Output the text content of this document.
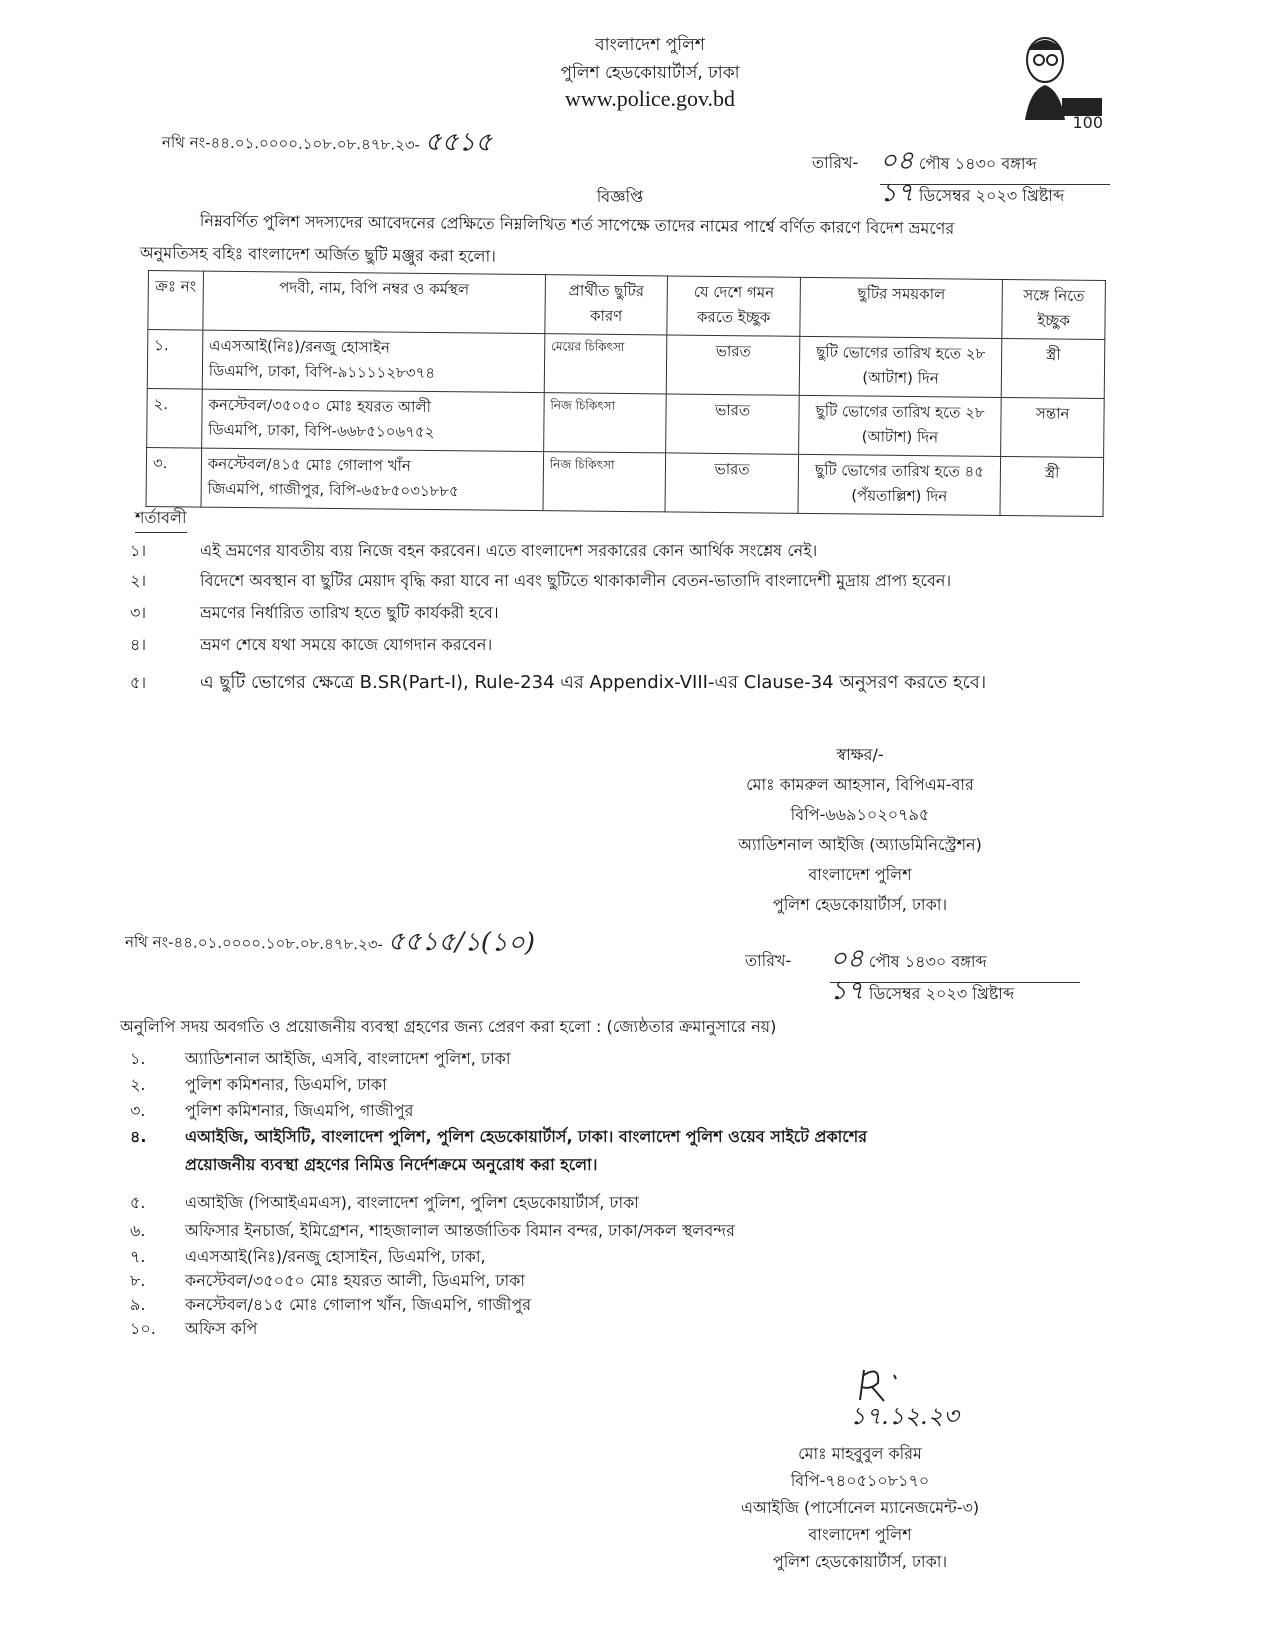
বাংলাদেশ পুলিশ
পুলিশ হেডকোয়ার্টার্স, ঢাকা
www.police.gov.bd
100
নথি নং-৪৪.০১.০০০০.১০৮.০৮.৪৭৮.২৩- ৫৫১৫
তারিখ- ০৪ পৌষ ১৪৩০ বঙ্গাব্দ
১৭ ডিসেম্বর ২০২৩ খ্রিষ্টাব্দ
বিজ্ঞপ্তি
নিম্নবর্ণিত পুলিশ সদস্যদের আবেদনের প্রেক্ষিতে নিম্নলিখিত শর্ত সাপেক্ষে তাদের নামের পার্শ্বে বর্ণিত কারণে বিদেশ ভ্রমণের
অনুমতিসহ বহিঃ বাংলাদেশ অর্জিত ছুটি মঞ্জুর করা হলো।
ক্রঃ নং	পদবী, নাম, বিপি নম্বর ও কর্মস্থল	প্রার্থীত ছুটির কারণ	যে দেশে গমন করতে ইচ্ছুক	ছুটির সময়কাল	সঙ্গে নিতে ইচ্ছুক
১.	এএসআই(নিঃ)/রনজু হোসাইন
ডিএমপি, ঢাকা, বিপি-৯১১১১২৮৩৭৪	মেয়ের চিকিৎসা	ভারত	ছুটি ভোগের তারিখ হতে ২৮ (আটাশ) দিন	স্ত্রী
২.	কনস্টেবল/৩৫০৫০ মোঃ হযরত আলী
ডিএমপি, ঢাকা, বিপি-৬৬৮৫১০৬৭৫২	নিজ চিকিৎসা	ভারত	ছুটি ভোগের তারিখ হতে ২৮ (আটাশ) দিন	সন্তান
৩.	কনস্টেবল/৪১৫ মোঃ গোলাপ খাঁন
জিএমপি, গাজীপুর, বিপি-৬৫৮৫০৩১৮৮৫	নিজ চিকিৎসা	ভারত	ছুটি ভোগের তারিখ হতে ৪৫ (পঁয়তাল্লিশ) দিন	স্ত্রী
শর্তাবলী
১।	এই ভ্রমণের যাবতীয় ব্যয় নিজে বহন করবেন। এতে বাংলাদেশ সরকারের কোন আর্থিক সংশ্লেষ নেই।
২।	বিদেশে অবস্থান বা ছুটির মেয়াদ বৃদ্ধি করা যাবে না এবং ছুটিতে থাকাকালীন বেতন-ভাতাদি বাংলাদেশী মুদ্রায় প্রাপ্য হবেন।
৩।	ভ্রমণের নির্ধারিত তারিখ হতে ছুটি কার্যকরী হবে।
৪।	ভ্রমণ শেষে যথা সময়ে কাজে যোগদান করবেন।
৫।	এ ছুটি ভোগের ক্ষেত্রে B.SR(Part-I), Rule-234 এর Appendix-VIII-এর Clause-34 অনুসরণ করতে হবে।
স্বাক্ষর/-
মোঃ কামরুল আহসান, বিপিএম-বার
বিপি-৬৬৯১০২০৭৯৫
অ্যাডিশনাল আইজি (অ্যাডমিনিস্ট্রেশন)
বাংলাদেশ পুলিশ
পুলিশ হেডকোয়ার্টার্স, ঢাকা।
নথি নং-৪৪.০১.০০০০.১০৮.০৮.৪৭৮.২৩- ৫৫১৫/১(১০)
তারিখ- ০৪ পৌষ ১৪৩০ বঙ্গাব্দ
১৭ ডিসেম্বর ২০২৩ খ্রিষ্টাব্দ
অনুলিপি সদয় অবগতি ও প্রয়োজনীয় ব্যবস্থা গ্রহণের জন্য প্রেরণ করা হলো : (জ্যেষ্ঠতার ক্রমানুসারে নয়)
১. অ্যাডিশনাল আইজি, এসবি, বাংলাদেশ পুলিশ, ঢাকা
২. পুলিশ কমিশনার, ডিএমপি, ঢাকা
৩. পুলিশ কমিশনার, জিএমপি, গাজীপুর
৪. এআইজি, আইসিটি, বাংলাদেশ পুলিশ, পুলিশ হেডকোয়ার্টার্স, ঢাকা। বাংলাদেশ পুলিশ ওয়েব সাইটে প্রকাশের
প্রয়োজনীয় ব্যবস্থা গ্রহণের নিমিত্ত নির্দেশক্রমে অনুরোধ করা হলো।
৫. এআইজি (পিআইএমএস), বাংলাদেশ পুলিশ, পুলিশ হেডকোয়ার্টার্স, ঢাকা
৬. অফিসার ইনচার্জ, ইমিগ্রেশন, শাহজালাল আন্তর্জাতিক বিমান বন্দর, ঢাকা/সকল স্থলবন্দর
৭. এএসআই(নিঃ)/রনজু হোসাইন, ডিএমপি, ঢাকা,
৮. কনস্টেবল/৩৫০৫০ মোঃ হযরত আলী, ডিএমপি, ঢাকা
৯. কনস্টেবল/৪১৫ মোঃ গোলাপ খাঁন, জিএমপি, গাজীপুর
১০. অফিস কপি
১৭.১২.২৩
মোঃ মাহবুবুল করিম
বিপি-৭৪০৫১০৮১৭০
এআইজি (পার্সোনেল ম্যানেজমেন্ট-৩)
বাংলাদেশ পুলিশ
পুলিশ হেডকোয়ার্টার্স, ঢাকা।
